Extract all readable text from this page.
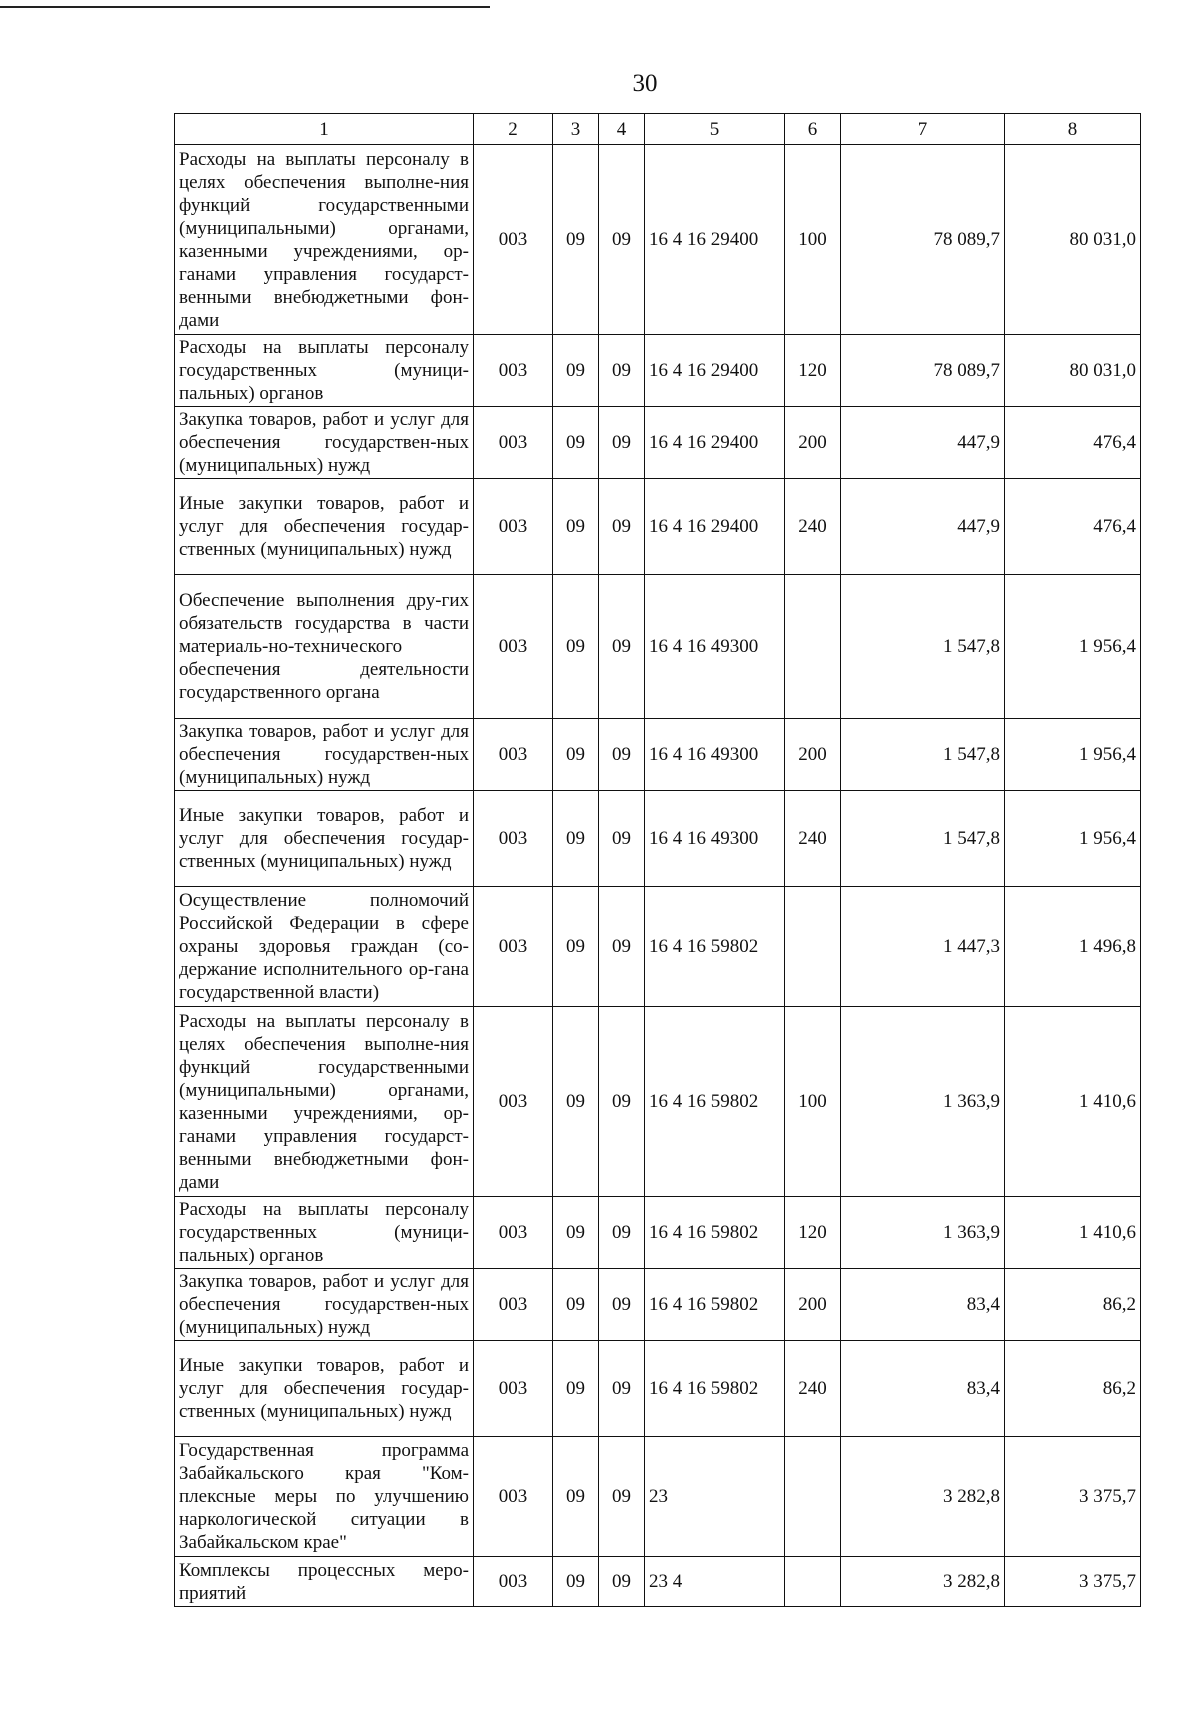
30
1	2	3	4	5	6	7	8
Расходы на выплаты персоналу в целях обеспечения выполне-ния функций государственными (муниципальными) органами, казенными учреждениями, ор-ганами управления государст-венными внебюджетными фон-дами	003	09	09	16 4 16 29400	100	78 089,7	80 031,0
Расходы на выплаты персоналу государственных (муници-пальных) органов	003	09	09	16 4 16 29400	120	78 089,7	80 031,0
Закупка товаров, работ и услуг для обеспечения государствен-ных (муниципальных) нужд	003	09	09	16 4 16 29400	200	447,9	476,4
Иные закупки товаров, работ и услуг для обеспечения государ-ственных (муниципальных) нужд	003	09	09	16 4 16 29400	240	447,9	476,4
Обеспечение выполнения дру-гих обязательств государства в части материаль-но-технического обеспечения деятельности государственного органа	003	09	09	16 4 16 49300		1 547,8	1 956,4
Закупка товаров, работ и услуг для обеспечения государствен-ных (муниципальных) нужд	003	09	09	16 4 16 49300	200	1 547,8	1 956,4
Иные закупки товаров, работ и услуг для обеспечения государ-ственных (муниципальных) нужд	003	09	09	16 4 16 49300	240	1 547,8	1 956,4
Осуществление полномочий Российской Федерации в сфере охраны здоровья граждан (со-держание исполнительного ор-гана государственной власти)	003	09	09	16 4 16 59802		1 447,3	1 496,8
Расходы на выплаты персоналу в целях обеспечения выполне-ния функций государственными (муниципальными) органами, казенными учреждениями, ор-ганами управления государст-венными внебюджетными фон-дами	003	09	09	16 4 16 59802	100	1 363,9	1 410,6
Расходы на выплаты персоналу государственных (муници-пальных) органов	003	09	09	16 4 16 59802	120	1 363,9	1 410,6
Закупка товаров, работ и услуг для обеспечения государствен-ных (муниципальных) нужд	003	09	09	16 4 16 59802	200	83,4	86,2
Иные закупки товаров, работ и услуг для обеспечения государ-ственных (муниципальных) нужд	003	09	09	16 4 16 59802	240	83,4	86,2
Государственная программа Забайкальского края "Ком-плексные меры по улучшению наркологической ситуации в Забайкальском крае"	003	09	09	23		3 282,8	3 375,7
Комплексы процессных меро-приятий	003	09	09	23 4		3 282,8	3 375,7
